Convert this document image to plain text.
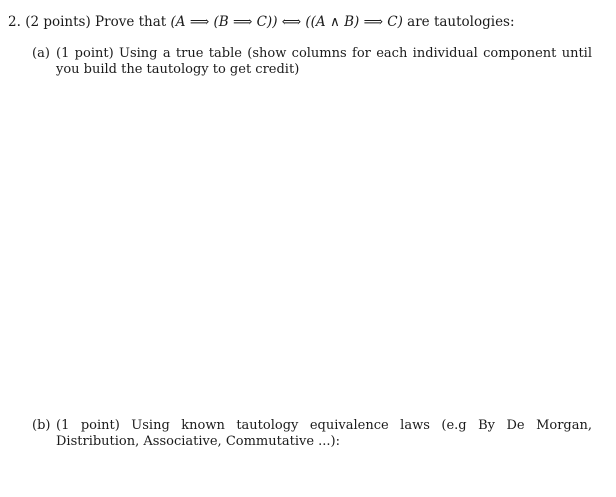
2. (2 points) Prove that (A ⟹ (B ⟹ C)) ⟺ ((A ∧ B) ⟹ C) are tautologies:
(a) (1 point) Using a true table (show columns for each individual component until you build the tautology to get credit)
(b) (1 point) Using known tautology equivalence laws (e.g By De Morgan, Distribution, Associative, Commutative ...):
